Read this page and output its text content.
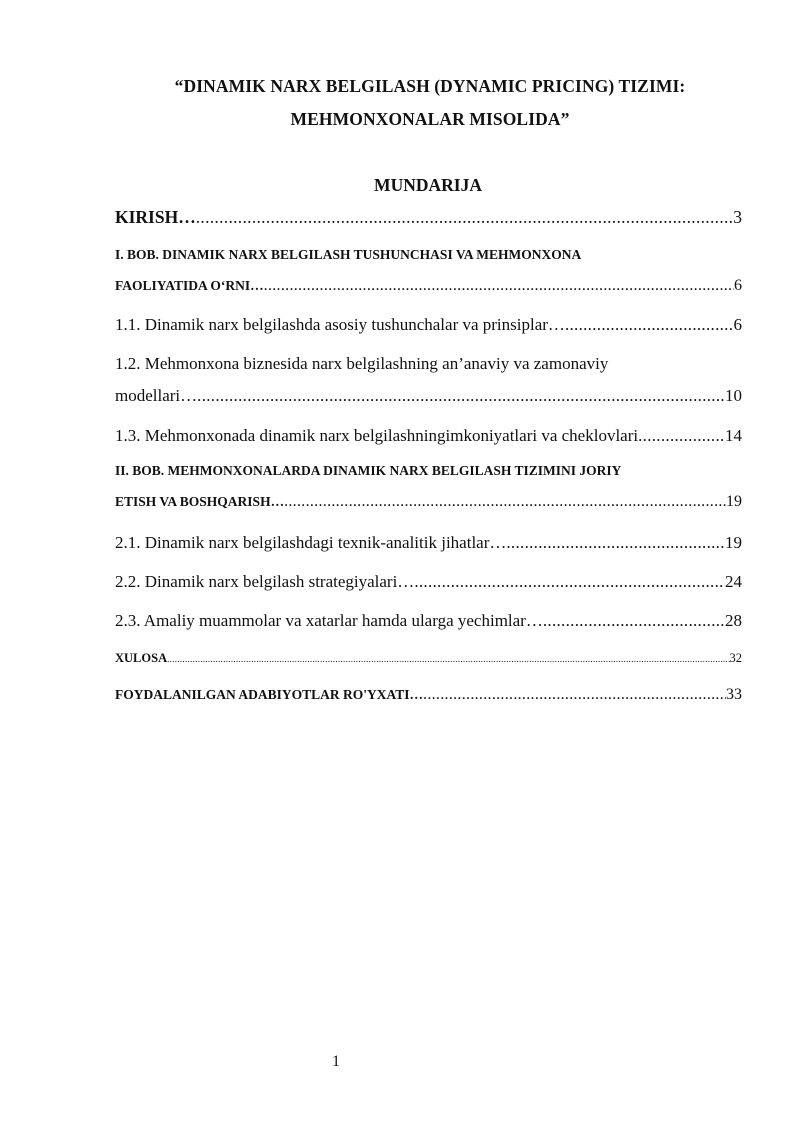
“DINAMIK NARX BELGILASH (DYNAMIC PRICING) TIZIMI:
MEHMONXONALAR MISOLIDA”
MUNDARIJA
KIRISH… .....	3
I. BOB. DINAMIK NARX BELGILASH TUSHUNCHASI VA MEHMONXONA
FAOLIYATIDA O‘RNI… .....	6
1.1. Dinamik narx belgilashda asosiy tushunchalar va prinsiplar… .....	6
1.2. Mehmonxona biznesida narx belgilashning an’anaviy va zamonaviy
modellari… .....	10
1.3. Mehmonxonada dinamik narx belgilashningimkoniyatlari va cheklovlari .....	14
II. BOB. MEHMONXONALARDA DINAMIK NARX BELGILASH TIZIMINI JORIY
ETISH VA BOSHQARISH… .....	19
2.1. Dinamik narx belgilashdagi texnik-analitik jihatlar… .....	19
2.2. Dinamik narx belgilash strategiyalari… .....	24
2.3. Amaliy muammolar va xatarlar hamda ularga yechimlar… .....	28
XULOSA .....	32
FOYDALANILGAN ADABIYOTLAR RO'YXATI… .....	33
1
